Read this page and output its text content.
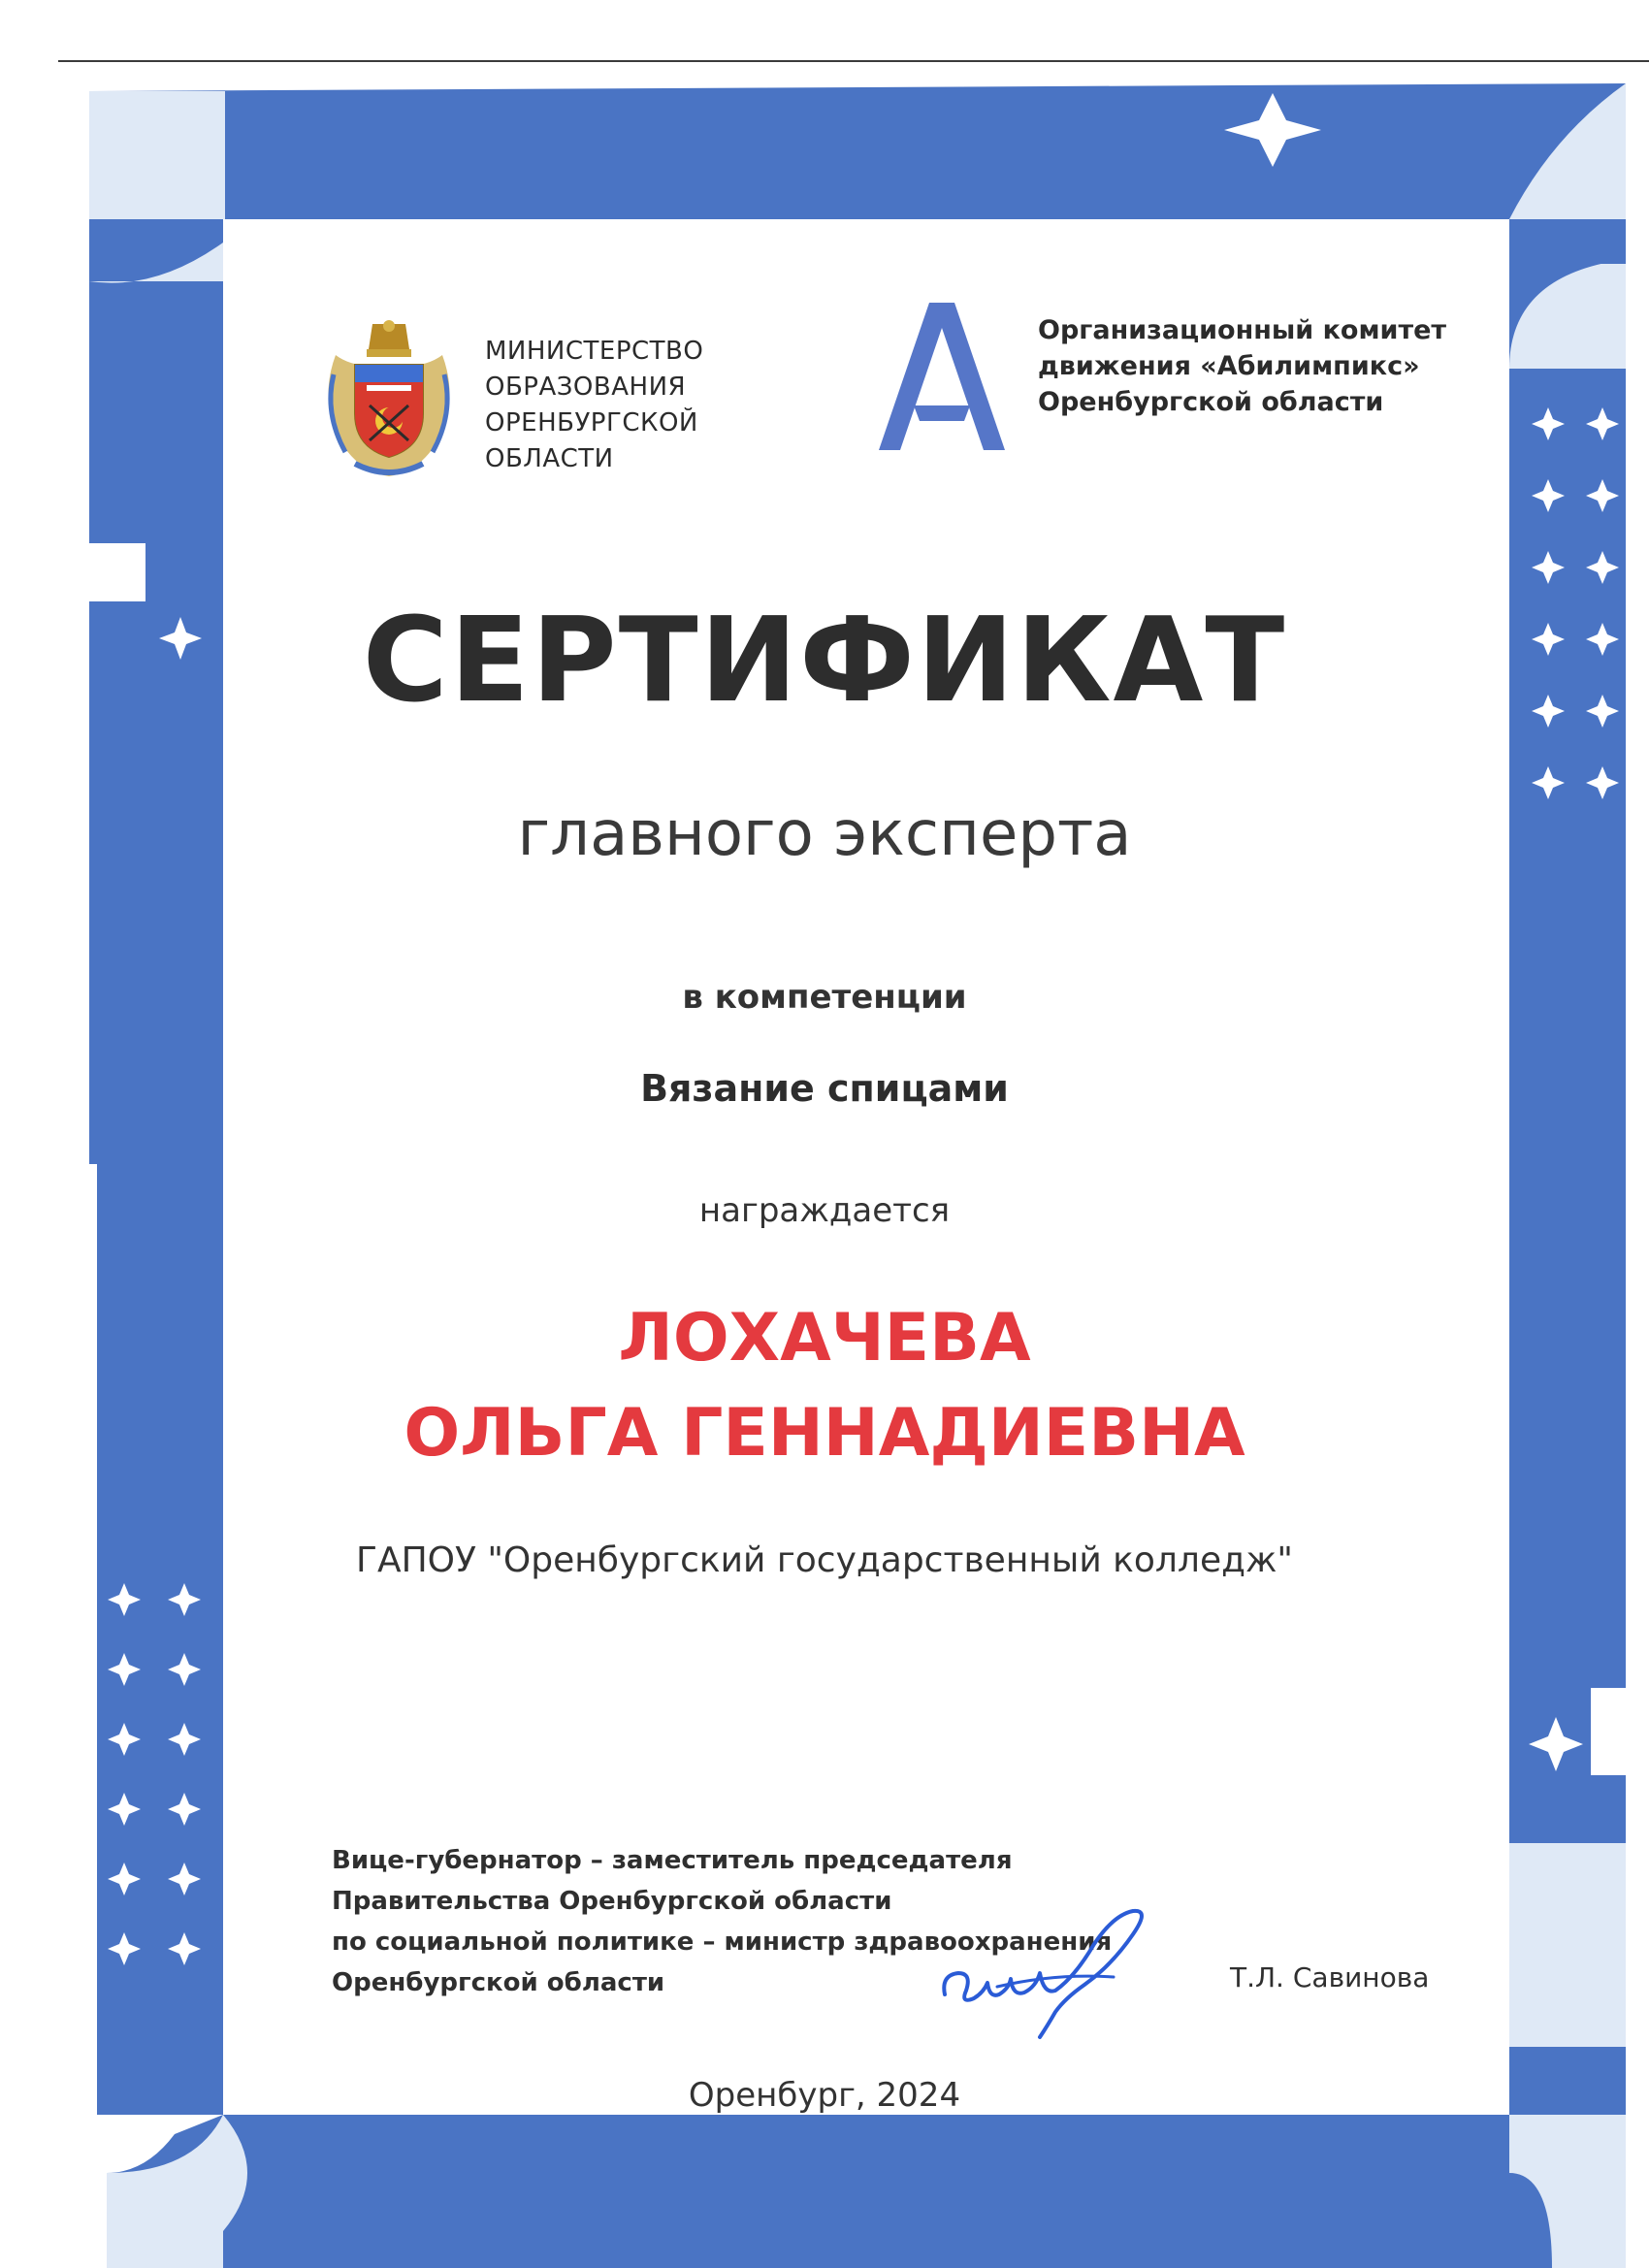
МИНИСТЕРСТВО
ОБРАЗОВАНИЯ
ОРЕНБУРГСКОЙ
ОБЛАСТИ
Организационный комитет
движения «Абилимпикс»
Оренбургской области
СЕРТИФИКАТ
главного эксперта
в компетенции
Вязание спицами
награждается
ЛОХАЧЕВА
ОЛЬГА ГЕННАДИЕВНА
ГАПОУ "Оренбургский государственный колледж"
Вице-губернатор – заместитель председателя
Правительства Оренбургской области
по социальной политике – министр здравоохранения
Оренбургской области	Т.Л. Савинова
Оренбург, 2024
